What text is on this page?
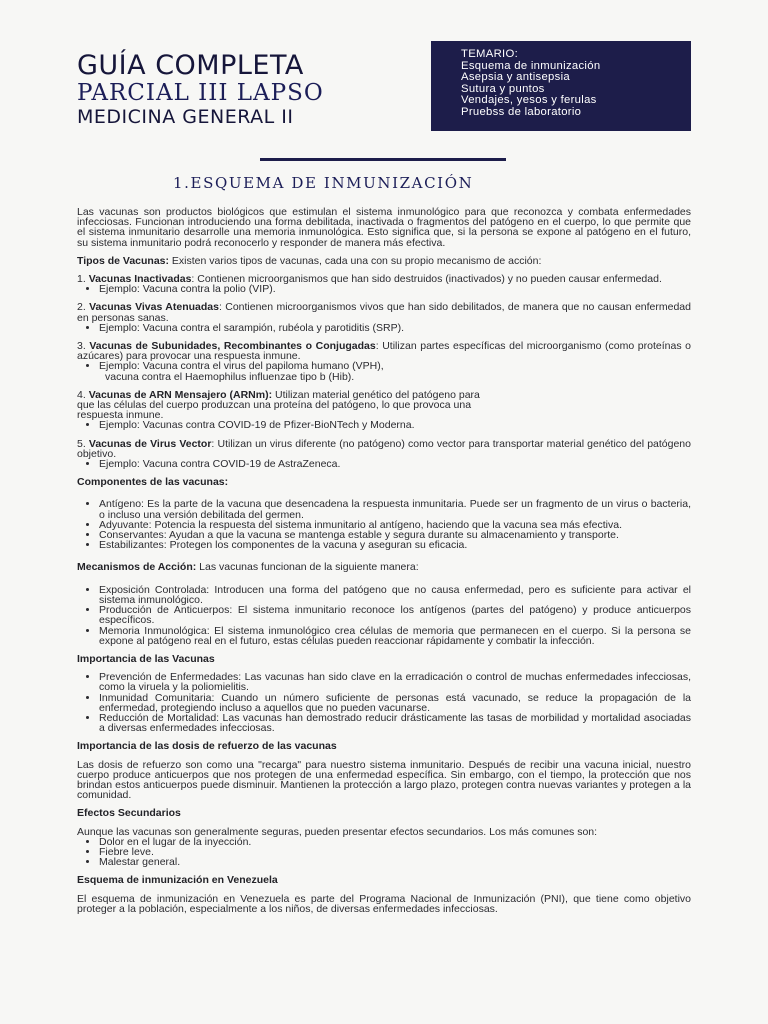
GUÍA COMPLETA
PARCIAL III LAPSO
MEDICINA GENERAL II
TEMARIO:
Esquema de inmunización
Asepsia y antisepsia
Sutura y puntos
Vendajes, yesos y ferulas
Pruebss de laboratorio
1.ESQUEMA DE INMUNIZACIÓN

Las vacunas son productos biológicos que estimulan el sistema inmunológico para que reconozca y combata enfermedades infecciosas. Funcionan introduciendo una forma debilitada, inactivada o fragmentos del patógeno en el cuerpo, lo que permite que el sistema inmunitario desarrolle una memoria inmunológica. Esto significa que, si la persona se expone al patógeno en el futuro, su sistema inmunitario podrá reconocerlo y responder de manera más efectiva.

Tipos de Vacunas: Existen varios tipos de vacunas, cada una con su propio mecanismo de acción:

1. Vacunas Inactivadas: Contienen microorganismos que han sido destruidos (inactivados) y no pueden causar enfermedad.

• Ejemplo: Vacuna contra la polio (VIP).

2. Vacunas Vivas Atenuadas: Contienen microorganismos vivos que han sido debilitados, de manera que no causan enfermedad en personas sanas.

• Ejemplo: Vacuna contra el sarampión, rubéola y parotiditis (SRP).

3. Vacunas de Subunidades, Recombinantes o Conjugadas: Utilizan partes específicas del microorganismo (como proteínas o azúcares) para provocar una respuesta inmune.

• Ejemplo: Vacuna contra el virus del papiloma humano (VPH),
vacuna contra el Haemophilus influenzae tipo b (Hib).

4. Vacunas de ARN Mensajero (ARNm): Utilizan material genético del patógeno para que las células del cuerpo produzcan una proteína del patógeno, lo que provoca una respuesta inmune.

• Ejemplo: Vacunas contra COVID-19 de Pfizer-BioNTech y Moderna.

5. Vacunas de Virus Vector: Utilizan un virus diferente (no patógeno) como vector para transportar material genético del patógeno objetivo.

• Ejemplo: Vacuna contra COVID-19 de AstraZeneca.

Componentes de las vacunas:

• Antígeno: Es la parte de la vacuna que desencadena la respuesta inmunitaria. Puede ser un fragmento de un virus o bacteria, o incluso una versión debilitada del germen.
• Adyuvante: Potencia la respuesta del sistema inmunitario al antígeno, haciendo que la vacuna sea más efectiva.
• Conservantes: Ayudan a que la vacuna se mantenga estable y segura durante su almacenamiento y transporte.
• Estabilizantes: Protegen los componentes de la vacuna y aseguran su eficacia.

Mecanismos de Acción: Las vacunas funcionan de la siguiente manera:

• Exposición Controlada: Introducen una forma del patógeno que no causa enfermedad, pero es suficiente para activar el sistema inmunológico.
• Producción de Anticuerpos: El sistema inmunitario reconoce los antígenos (partes del patógeno) y produce anticuerpos específicos.
• Memoria Inmunológica: El sistema inmunológico crea células de memoria que permanecen en el cuerpo. Si la persona se expone al patógeno real en el futuro, estas células pueden reaccionar rápidamente y combatir la infección.

Importancia de las Vacunas

• Prevención de Enfermedades: Las vacunas han sido clave en la erradicación o control de muchas enfermedades infecciosas, como la viruela y la poliomielitis.
• Inmunidad Comunitaria: Cuando un número suficiente de personas está vacunado, se reduce la propagación de la enfermedad, protegiendo incluso a aquellos que no pueden vacunarse.
• Reducción de Mortalidad: Las vacunas han demostrado reducir drásticamente las tasas de morbilidad y mortalidad asociadas a diversas enfermedades infecciosas.

Importancia de las dosis de refuerzo de las vacunas

Las dosis de refuerzo son como una "recarga" para nuestro sistema inmunitario. Después de recibir una vacuna inicial, nuestro cuerpo produce anticuerpos que nos protegen de una enfermedad específica. Sin embargo, con el tiempo, la protección que nos brindan estos anticuerpos puede disminuir. Mantienen la protección a largo plazo, protegen contra nuevas variantes y protegen a la comunidad.

Efectos Secundarios

Aunque las vacunas son generalmente seguras, pueden presentar efectos secundarios. Los más comunes son:

• Dolor en el lugar de la inyección.
• Fiebre leve.
• Malestar general.

Esquema de inmunización en Venezuela

El esquema de inmunización en Venezuela es parte del Programa Nacional de Inmunización (PNI), que tiene como objetivo proteger a la población, especialmente a los niños, de diversas enfermedades infecciosas.
